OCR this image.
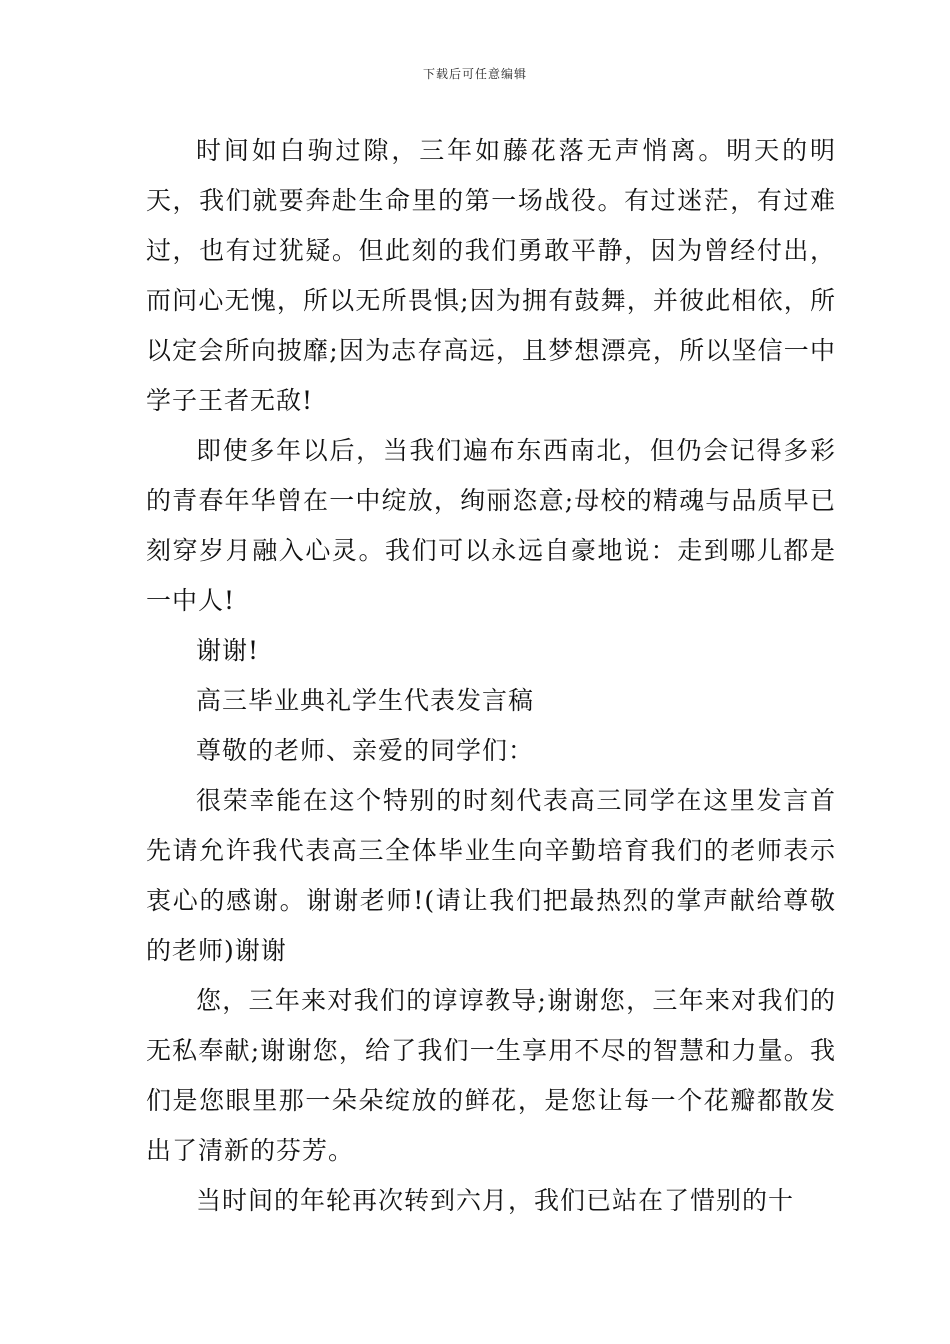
下载后可任意编辑

时间如白驹过隙，三年如藤花落无声悄离。明天的明天，我们就要奔赴生命里的第一场战役。有过迷茫，有过难过，也有过犹疑。但此刻的我们勇敢平静，因为曾经付出，而问心无愧，所以无所畏惧;因为拥有鼓舞，并彼此相依，所以定会所向披靡;因为志存高远，且梦想漂亮，所以坚信一中学子王者无敌!

即使多年以后，当我们遍布东西南北，但仍会记得多彩的青春年华曾在一中绽放，绚丽恣意;母校的精魂与品质早已刻穿岁月融入心灵。我们可以永远自豪地说：走到哪儿都是一中人!

谢谢!

高三毕业典礼学生代表发言稿

尊敬的老师、亲爱的同学们：

很荣幸能在这个特别的时刻代表高三同学在这里发言首先请允许我代表高三全体毕业生向辛勤培育我们的老师表示衷心的感谢。谢谢老师!(请让我们把最热烈的掌声献给尊敬的老师)谢谢

您，三年来对我们的谆谆教导;谢谢您，三年来对我们的无私奉献;谢谢您，给了我们一生享用不尽的智慧和力量。我们是您眼里那一朵朵绽放的鲜花，是您让每一个花瓣都散发出了清新的芬芳。

当时间的年轮再次转到六月，我们已站在了惜别的十
